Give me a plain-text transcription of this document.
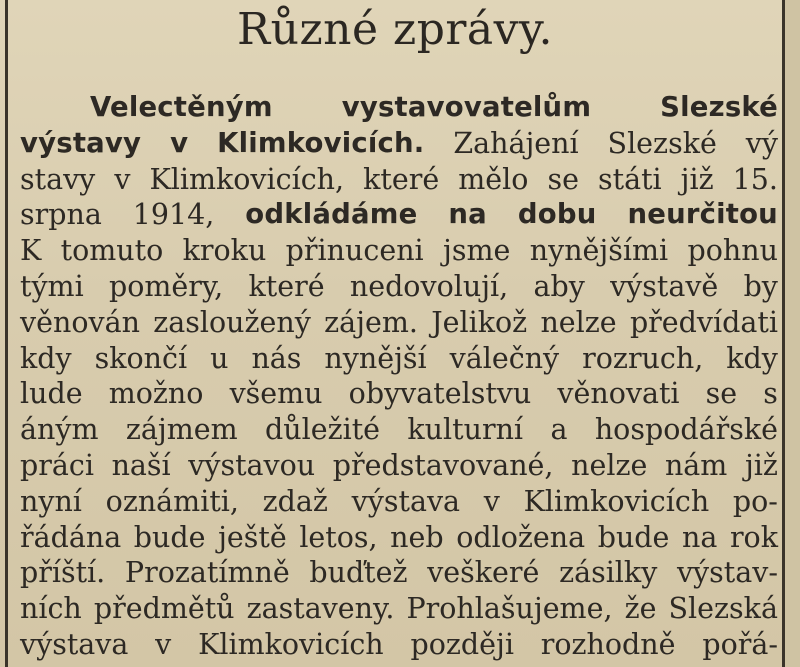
Různé zprávy.
Velectěným	vystavovatelům	Slezské
výstavy v Klimkovicích. Zahájení Slezské vý
stavy v Klimkovicích, které mělo se státi již 15.
srpna 1914, odkládáme na dobu neurčitou
K tomuto kroku přinuceni jsme nynějšími pohnu
tými poměry, které nedovolují, aby výstavě by
věnován zasloužený zájem. Jelikož nelze předvídati
kdy skončí u nás nynější válečný rozruch, kdy
lude možno všemu obyvatelstvu věnovati se s
áným zájmem důležité kulturní a hospodářské
práci naší výstavou představované, nelze nám již
nyní oznámiti, zdaž výstava v Klimkovicích po-
řádána bude ještě letos, neb odložena bude na rok
příští. Prozatímně buďtež veškeré zásilky výstav-
ních předmětů zastaveny. Prohlašujeme, že Slezská
výstava v Klimkovicích později rozhodně pořá-
